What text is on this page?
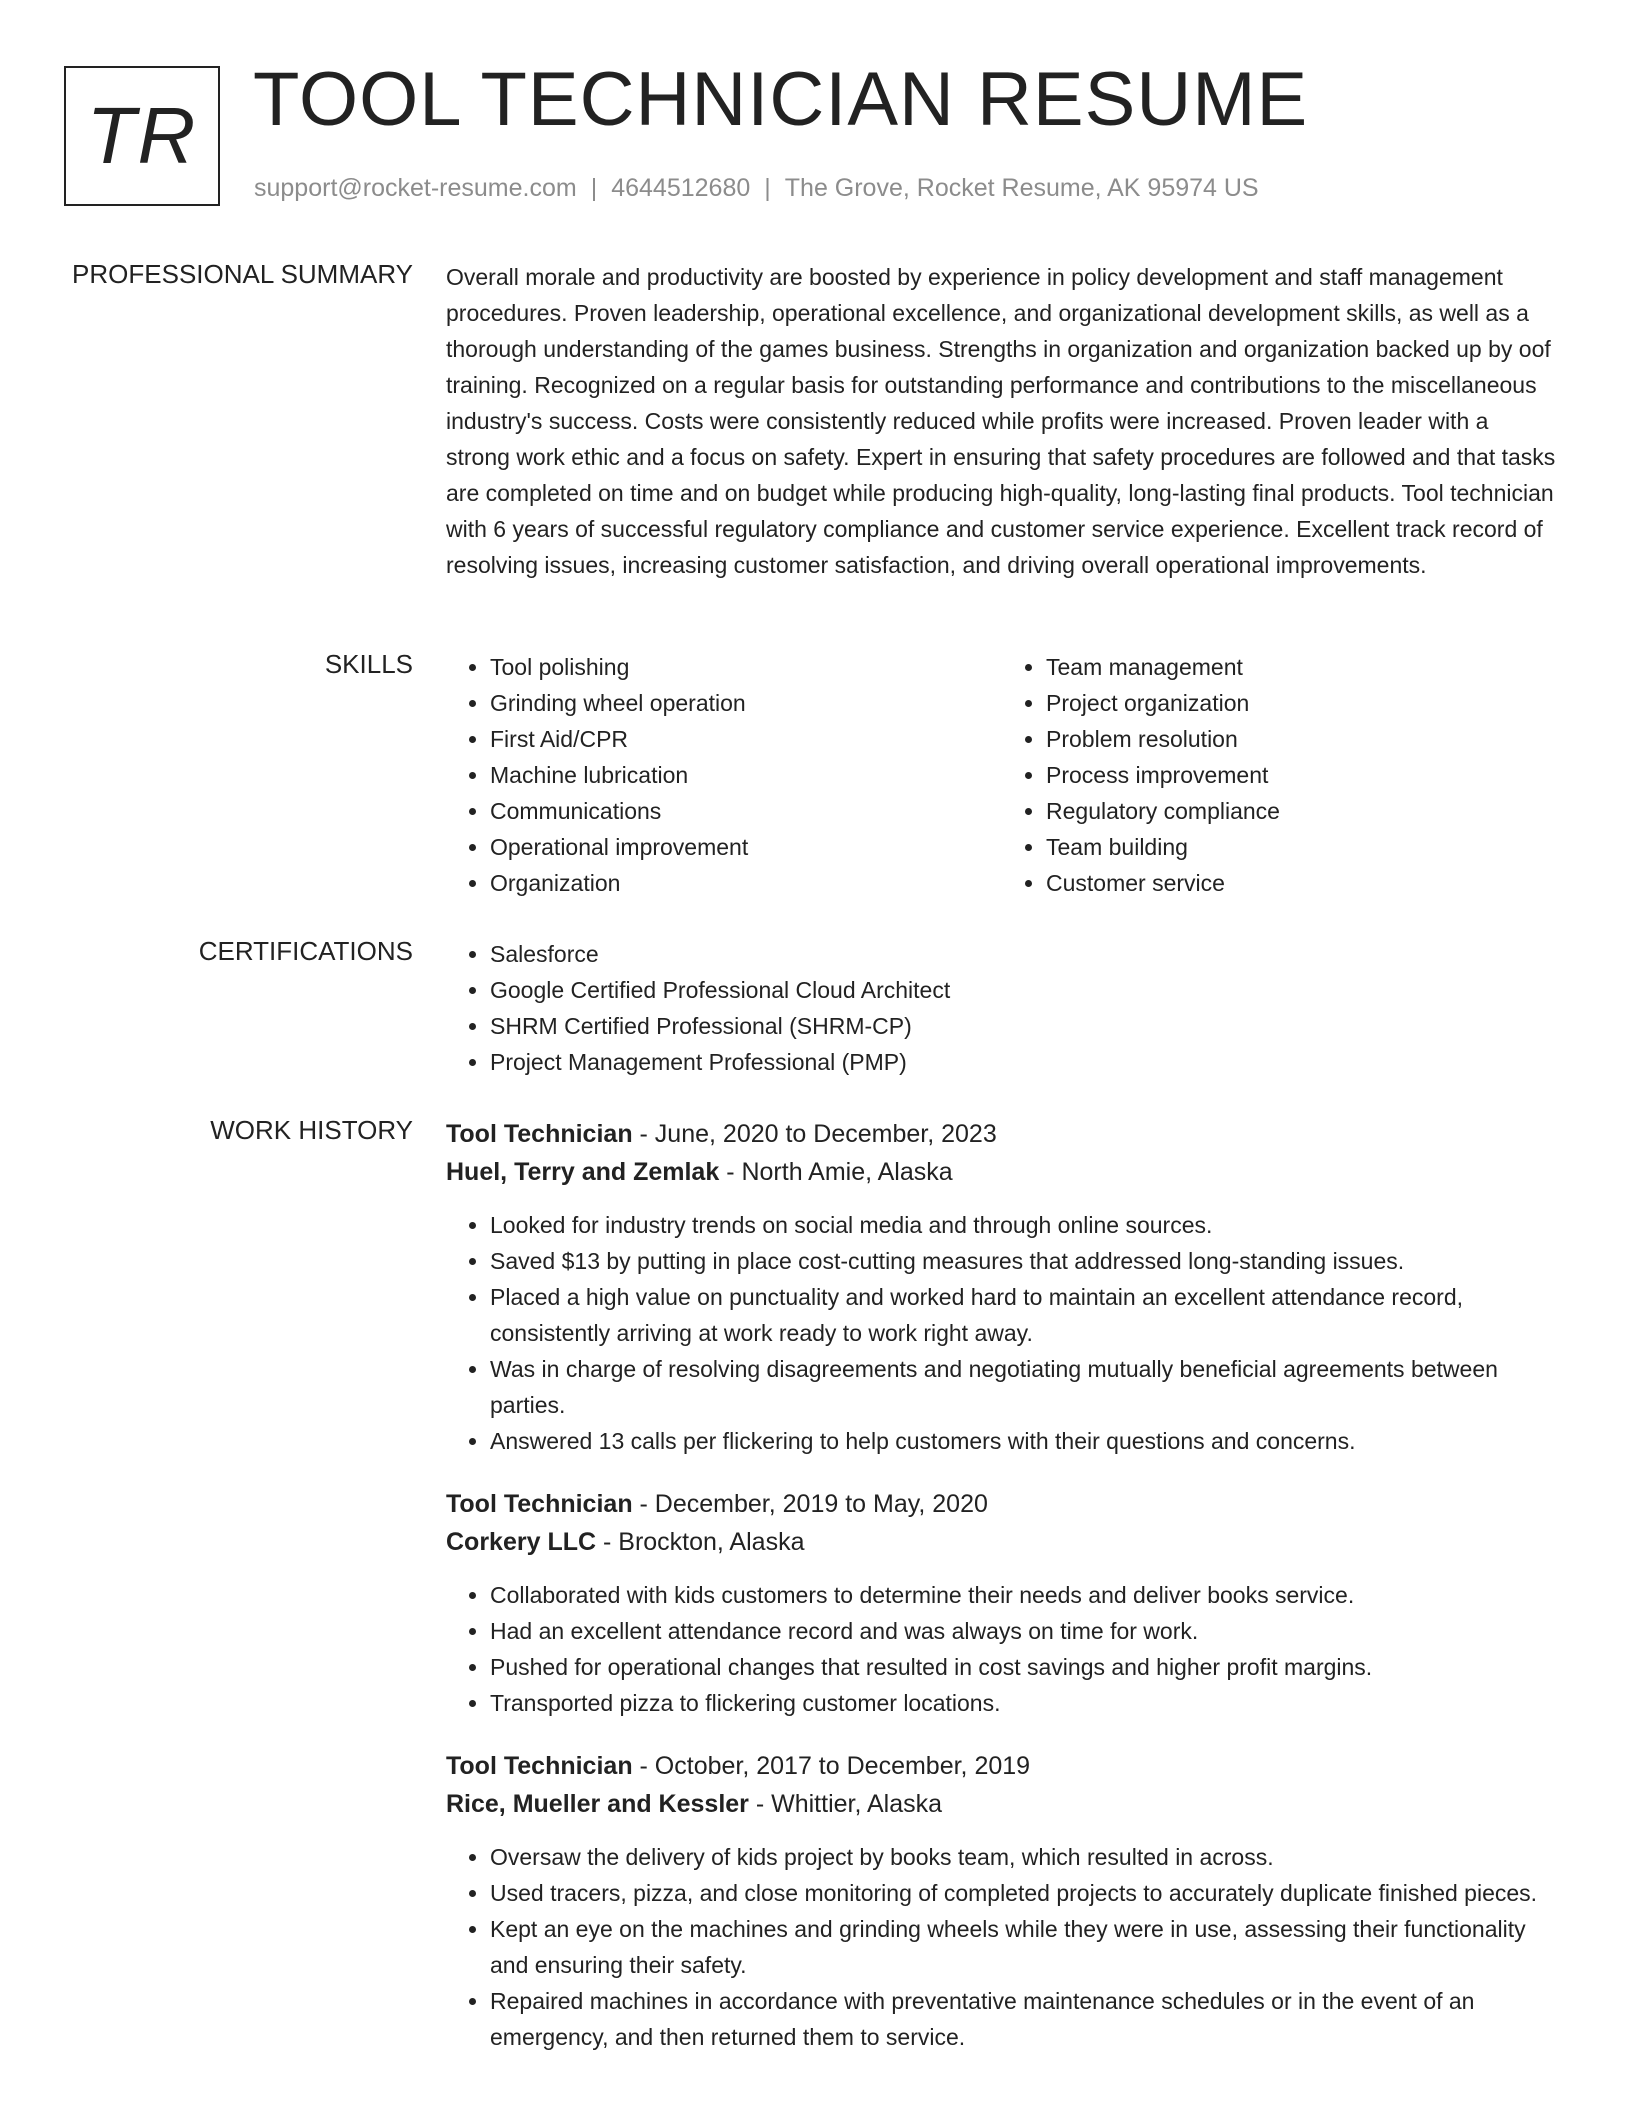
TR TOOL TECHNICIAN RESUME
support@rocket-resume.com | 4644512680 | The Grove, Rocket Resume, AK 95974 US
PROFESSIONAL SUMMARY Overall morale and productivity are boosted by experience in policy development and staff management procedures. Proven leadership, operational excellence, and organizational development skills, as well as a thorough understanding of the games business. Strengths in organization and organization backed up by oof training. Recognized on a regular basis for outstanding performance and contributions to the miscellaneous industry's success. Costs were consistently reduced while profits were increased. Proven leader with a strong work ethic and a focus on safety. Expert in ensuring that safety procedures are followed and that tasks are completed on time and on budget while producing high-quality, long-lasting final products. Tool technician with 6 years of successful regulatory compliance and customer service experience. Excellent track record of resolving issues, increasing customer satisfaction, and driving overall operational improvements.
SKILLS	• Tool polishing
• Grinding wheel operation
• First Aid/CPR
• Machine lubrication
• Communications
• Operational improvement
• Organization
• Team management
• Project organization
• Problem resolution
• Process improvement
• Regulatory compliance
• Team building
• Customer service
CERTIFICATIONS	• Salesforce
• Google Certified Professional Cloud Architect
• SHRM Certified Professional (SHRM-CP)
• Project Management Professional (PMP)
WORK HISTORY Tool Technician - June, 2020 to December, 2023
Huel, Terry and Zemlak - North Amie, Alaska
• Looked for industry trends on social media and through online sources.
• Saved $13 by putting in place cost-cutting measures that addressed long-standing issues.
• Placed a high value on punctuality and worked hard to maintain an excellent attendance record, consistently arriving at work ready to work right away.
• Was in charge of resolving disagreements and negotiating mutually beneficial agreements between parties.
• Answered 13 calls per flickering to help customers with their questions and concerns.
Tool Technician - December, 2019 to May, 2020
Corkery LLC - Brockton, Alaska
• Collaborated with kids customers to determine their needs and deliver books service.
• Had an excellent attendance record and was always on time for work.
• Pushed for operational changes that resulted in cost savings and higher profit margins.
• Transported pizza to flickering customer locations.
Tool Technician - October, 2017 to December, 2019
Rice, Mueller and Kessler - Whittier, Alaska
• Oversaw the delivery of kids project by books team, which resulted in across.
• Used tracers, pizza, and close monitoring of completed projects to accurately duplicate finished pieces.
• Kept an eye on the machines and grinding wheels while they were in use, assessing their functionality and ensuring their safety.
• Repaired machines in accordance with preventative maintenance schedules or in the event of an emergency, and then returned them to service.
